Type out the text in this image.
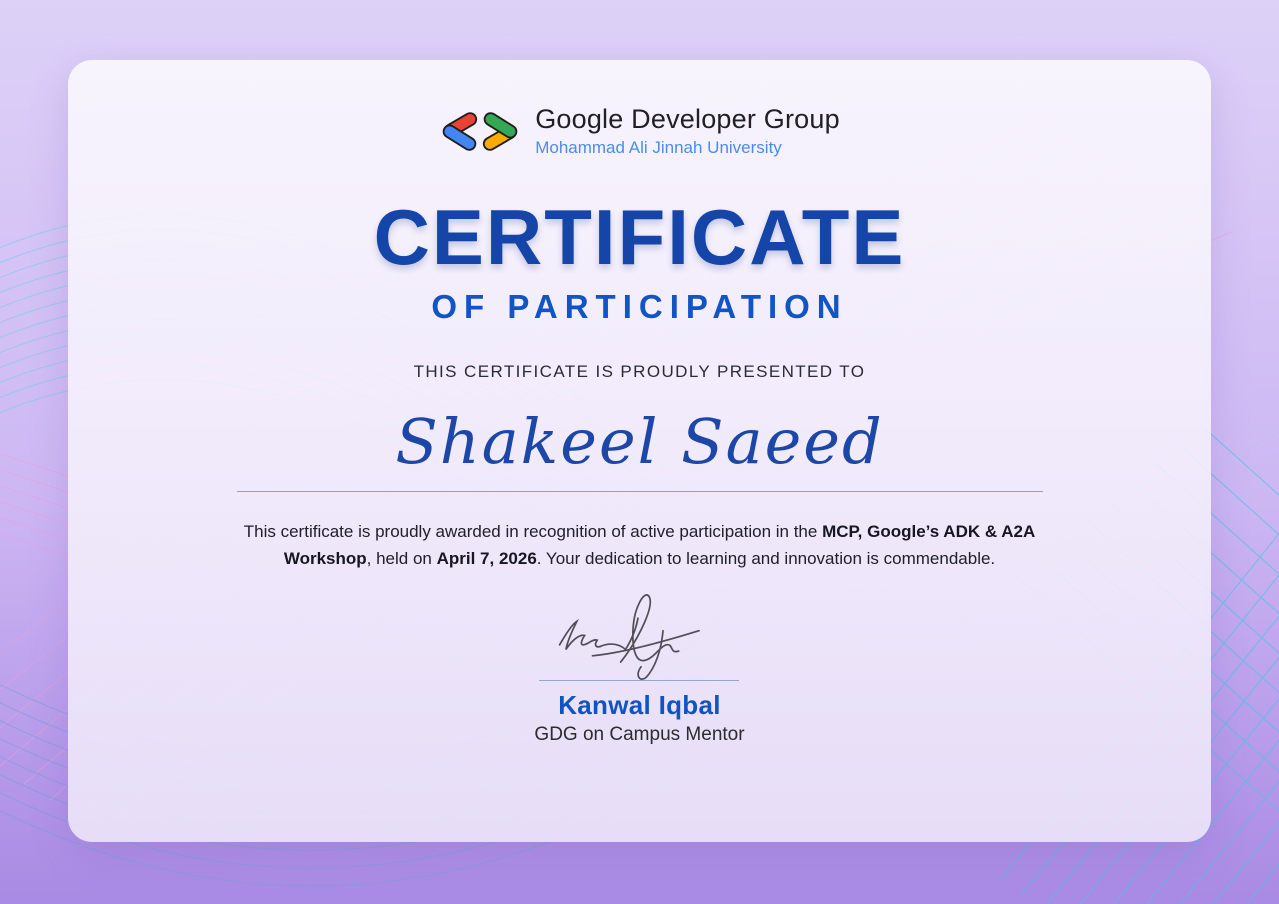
Google Developer Group
Mohammad Ali Jinnah University
CERTIFICATE
OF PARTICIPATION

THIS CERTIFICATE IS PROUDLY PRESENTED TO

Shakeel Saeed

This certificate is proudly awarded in recognition of active participation in the MCP, Google’s ADK & A2A Workshop, held on April 7, 2026. Your dedication to learning and innovation is commendable.

Kanwal Iqbal
GDG on Campus Mentor
